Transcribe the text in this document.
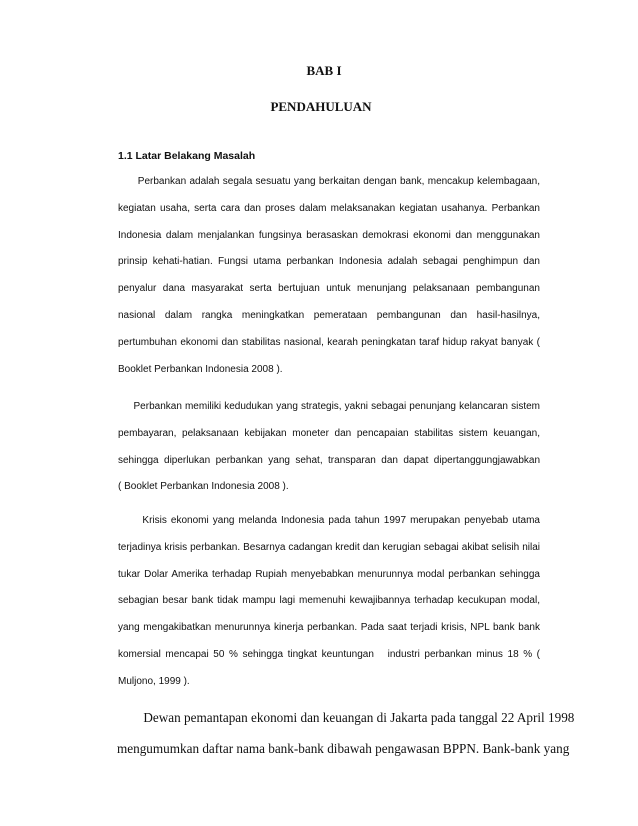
BAB I
PENDAHULUAN
1.1 Latar Belakang Masalah
Perbankan adalah segala sesuatu yang berkaitan dengan bank, mencakup kelembagaan,
kegiatan usaha, serta cara dan proses dalam melaksanakan kegiatan usahanya. Perbankan
Indonesia dalam menjalankan fungsinya berasaskan demokrasi ekonomi dan menggunakan
prinsip kehati-hatian. Fungsi utama perbankan Indonesia adalah sebagai penghimpun dan
penyalur dana masyarakat serta bertujuan untuk menunjang pelaksanaan pembangunan
nasional dalam rangka meningkatkan pemerataan pembangunan dan hasil-hasilnya,
pertumbuhan ekonomi dan stabilitas nasional, kearah peningkatan taraf hidup rakyat banyak (
Booklet Perbankan Indonesia 2008 ).
Perbankan memiliki kedudukan yang strategis, yakni sebagai penunjang kelancaran sistem
pembayaran, pelaksanaan kebijakan moneter dan pencapaian stabilitas sistem keuangan,
sehingga diperlukan perbankan yang sehat, transparan dan dapat dipertanggungjawabkan
( Booklet Perbankan Indonesia 2008 ).
Krisis ekonomi yang melanda Indonesia pada tahun 1997 merupakan penyebab utama
terjadinya krisis perbankan. Besarnya cadangan kredit dan kerugian sebagai akibat selisih nilai
tukar Dolar Amerika terhadap Rupiah menyebabkan menurunnya modal perbankan sehingga
sebagian besar bank tidak mampu lagi memenuhi kewajibannya terhadap kecukupan modal,
yang mengakibatkan menurunnya kinerja perbankan. Pada saat terjadi krisis, NPL bank bank
komersial mencapai 50 % sehingga tingkat keuntungan   industri perbankan minus 18 % (
Muljono, 1999 ).
Dewan pemantapan ekonomi dan keuangan di Jakarta pada tanggal 22 April 1998
mengumumkan daftar nama bank-bank dibawah pengawasan BPPN. Bank-bank yang
